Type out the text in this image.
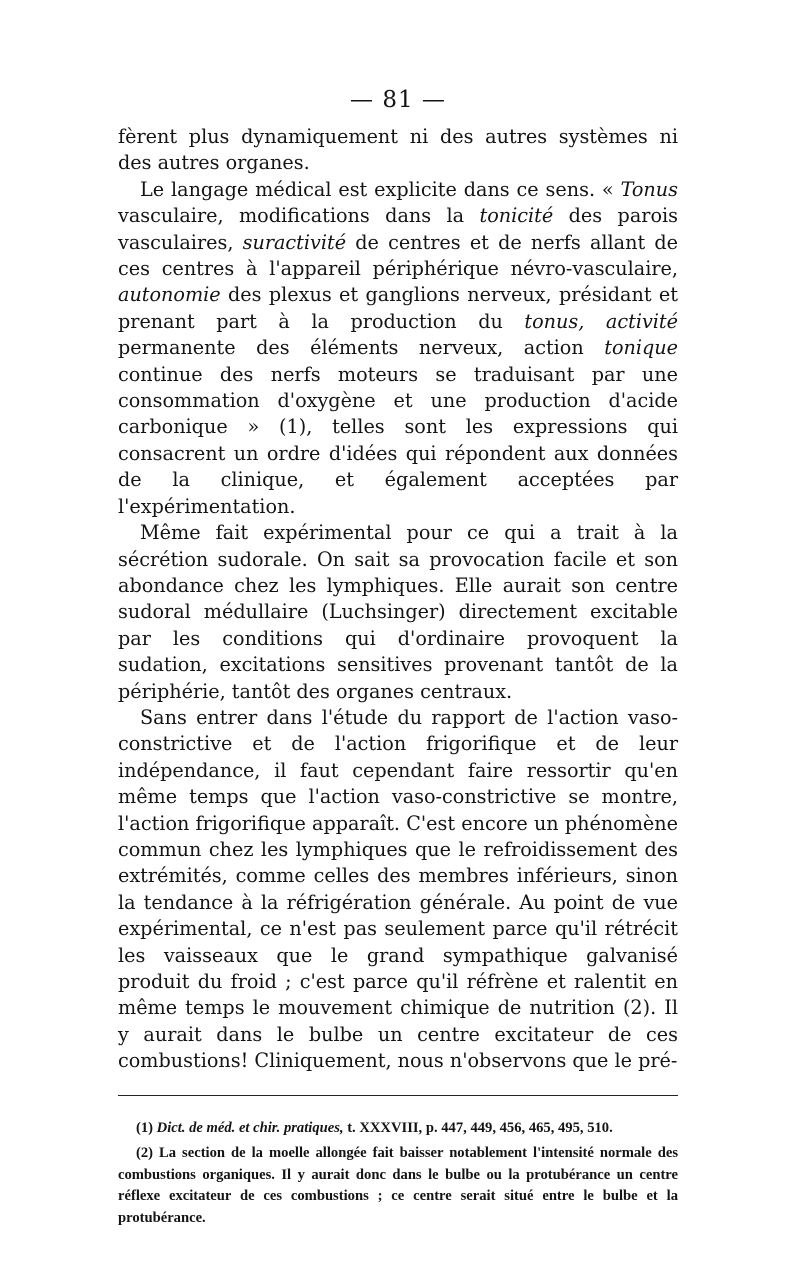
— 81 —

fèrent plus dynamiquement ni des autres systèmes ni des autres organes.

Le langage médical est explicite dans ce sens. « Tonus vasculaire, modifications dans la tonicité des parois vasculaires, suractivité de centres et de nerfs allant de ces centres à l'appareil périphérique névro-vasculaire, autonomie des plexus et ganglions nerveux, présidant et prenant part à la production du tonus, activité permanente des éléments nerveux, action tonique continue des nerfs moteurs se traduisant par une consommation d'oxygène et une production d'acide carbonique » (1), telles sont les expressions qui consacrent un ordre d'idées qui répondent aux données de la clinique, et également acceptées par l'expérimentation.

Même fait expérimental pour ce qui a trait à la sécrétion sudorale. On sait sa provocation facile et son abondance chez les lymphiques. Elle aurait son centre sudoral médullaire (Luchsinger) directement excitable par les conditions qui d'ordinaire provoquent la sudation, excitations sensitives provenant tantôt de la périphérie, tantôt des organes centraux.

Sans entrer dans l'étude du rapport de l'action vaso-constrictive et de l'action frigorifique et de leur indépendance, il faut cependant faire ressortir qu'en même temps que l'action vaso-constrictive se montre, l'action frigorifique apparaît. C'est encore un phénomène commun chez les lymphiques que le refroidissement des extrémités, comme celles des membres inférieurs, sinon la tendance à la réfrigération générale. Au point de vue expérimental, ce n'est pas seulement parce qu'il rétrécit les vaisseaux que le grand sympathique galvanisé produit du froid ; c'est parce qu'il réfrène et ralentit en même temps le mouvement chimique de nutrition (2). Il y aurait dans le bulbe un centre excitateur de ces combustions! Cliniquement, nous n'observons que le pré-

(1) Dict. de méd. et chir. pratiques, t. XXXVIII, p. 447, 449, 456, 465, 495, 510.

(2) La section de la moelle allongée fait baisser notablement l'intensité normale des combustions organiques. Il y aurait donc dans le bulbe ou la protubérance un centre réflexe excitateur de ces combustions ; ce centre serait situé entre le bulbe et la protubérance.
